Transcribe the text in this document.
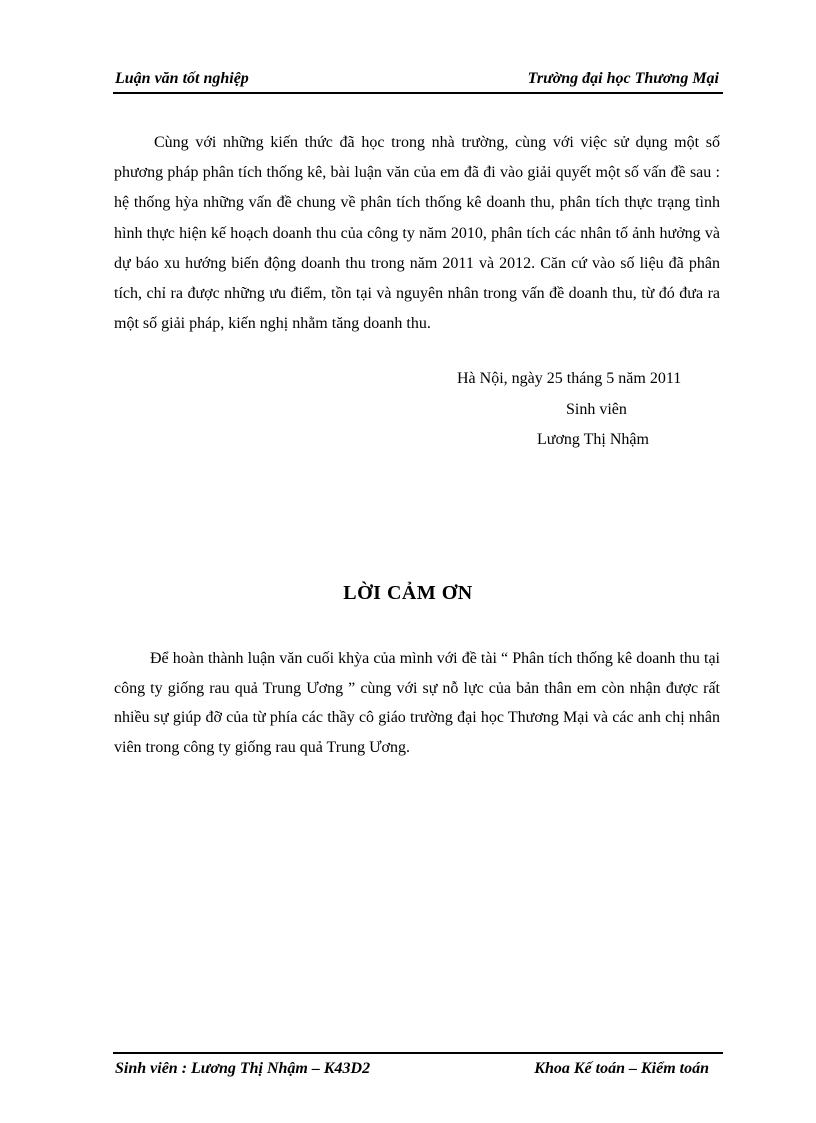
Luận văn tốt nghiệp	Trường đại học Thương Mại

Cùng với những kiến thức đã học trong nhà trường, cùng với việc sử dụng một số phương pháp phân tích thống kê, bài luận văn của em đã đi vào giải quyết một số vấn đề sau : hệ thống hỳa những vấn đề chung về phân tích thống kê doanh thu, phân tích thực trạng tình hình thực hiện kế hoạch doanh thu của công ty năm 2010, phân tích các nhân tố ảnh hưởng và dự báo xu hướng biến động doanh thu trong năm 2011 và 2012. Căn cứ vào số liệu đã phân tích, chỉ ra được những ưu điểm, tồn tại và nguyên nhân trong vấn đề doanh thu, từ đó đưa ra một số giải pháp, kiến nghị nhằm tăng doanh thu.

Hà Nội, ngày 25 tháng 5 năm 2011
Sinh viên
Lương Thị Nhậm
LỜI CẢM ƠN

Để hoàn thành luận văn cuối khỳa của mình với đề tài “ Phân tích thống kê doanh thu tại công ty giống rau quả Trung Ương ” cùng với sự nỗ lực của bản thân em còn nhận được rất nhiều sự giúp đỡ của từ phía các thầy cô giáo trường đại học Thương Mại và các anh chị nhân viên trong công ty giống rau quả Trung Ương.

Sinh viên : Lương Thị Nhậm – K43D2	Khoa Kế toán – Kiểm toán
